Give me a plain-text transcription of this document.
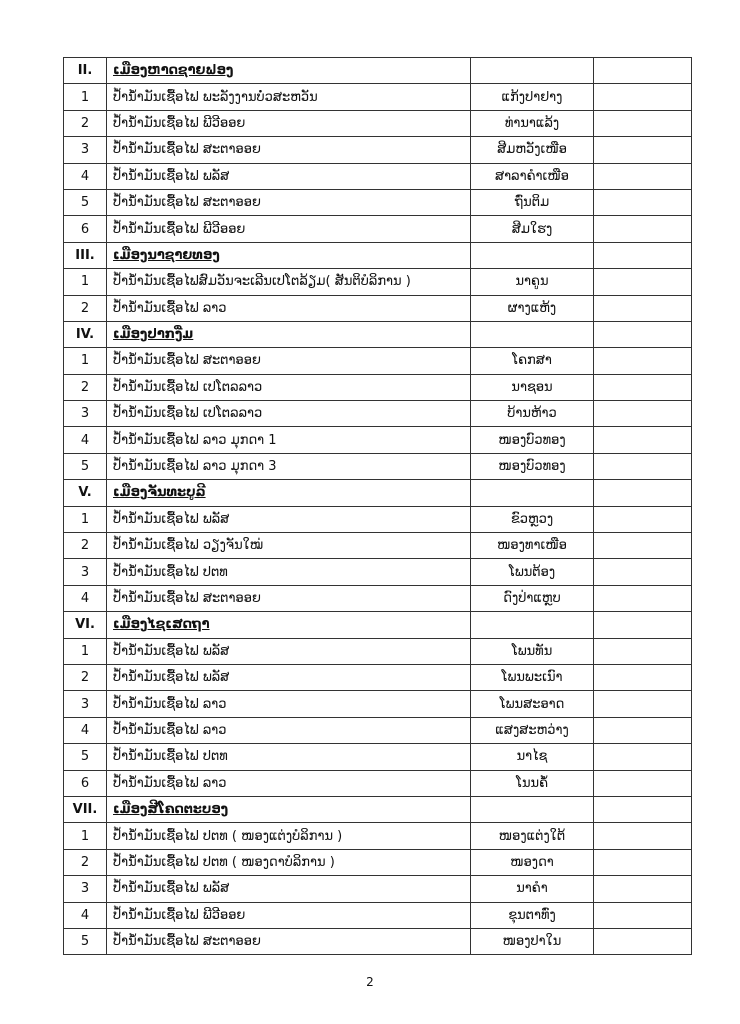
II.	ເມືອງຫາດຊາຍຟອງ		
1	ປໍ້ານ້ຳມັນເຊື້ອໄຟ ພະລັງງານບໍ່ວສະຫວັນ	ແກ້ງປາຢາງ	
2	ປໍ້ານ້ຳມັນເຊື້ອໄຟ ພີວີອອຍ	ທ່ານາແລ້ງ	
3	ປໍ້ານ້ຳມັນເຊື້ອໄຟ ສະຕາອອຍ	ສີມຫວັງເໜືອ	
4	ປໍ້ານ້ຳມັນເຊື້ອໄຟ ພລັສ	ສາລາຄຳເໜືອ	
5	ປໍ້ານ້ຳມັນເຊື້ອໄຟ ສະຕາອອຍ	ຖົ່ນຕິມ	
6	ປໍ້ານ້ຳມັນເຊື້ອໄຟ ພີວີອອຍ	ສີມໃຮງ	
III.	ເມືອງນາຊາຍທອງ		
1	ປໍ້ານ້ຳມັນເຊື້ອໄຟສົມວັນຈະເລີນເປໂຕລ້ຽມ( ສັນຕິບໍລິການ )	ນາຄູນ	
2	ປໍ້ານ້ຳມັນເຊື້ອໄຟ ລາວ	ຜາງແຫ້ງ	
IV.	ເມືອງປາກງື່ມ		
1	ປໍ້ານ້ຳມັນເຊື້ອໄຟ ສະຕາອອຍ	ໂຄກສາ	
2	ປໍ້ານ້ຳມັນເຊື້ອໄຟ ເປໂຕລລາວ	ນາຊອນ	
3	ປໍ້ານ້ຳມັນເຊື້ອໄຟ ເປໂຕລລາວ	ບ້ານຫ້າວ	
4	ປໍ້ານ້ຳມັນເຊື້ອໄຟ ລາວ ມຸກດາ 1	ໜອງບົວທອງ	
5	ປໍ້ານ້ຳມັນເຊື້ອໄຟ ລາວ ມຸກດາ 3	ໜອງບົວທອງ	
V.	ເມືອງຈັນທະບູລີ		
1	ປໍ້ານ້ຳມັນເຊື້ອໄຟ ພລັສ	ຂົວຫຼວງ	
2	ປໍ້ານ້ຳມັນເຊື້ອໄຟ ວຽງຈັນໃໝ່	ໜອງທາເໜືອ	
3	ປໍ້ານ້ຳມັນເຊື້ອໄຟ ປຕທ	ໂພນຕ້ອງ	
4	ປໍ້ານ້ຳມັນເຊື້ອໄຟ ສະຕາອອຍ	ດົງປ່າແຫຼບ	
VI.	ເມືອງໄຊເສດຖາ		
1	ປໍ້ານ້ຳມັນເຊື້ອໄຟ ພລັສ	ໂພນທັນ	
2	ປໍ້ານ້ຳມັນເຊື້ອໄຟ ພລັສ	ໂພນພະເນົາ	
3	ປໍ້ານ້ຳມັນເຊື້ອໄຟ ລາວ	ໂພນສະອາດ	
4	ປໍ້ານ້ຳມັນເຊື້ອໄຟ ລາວ	ແສງສະຫວ່າງ	
5	ປໍ້ານ້ຳມັນເຊື້ອໄຟ ປຕທ	ນາໄຊ	
6	ປໍ້ານ້ຳມັນເຊື້ອໄຟ ລາວ	ໂນນຄໍ້	
VII.	ເມືອງສີໂຄດຕະບອງ		
1	ປໍ້ານ້ຳມັນເຊື້ອໄຟ ປຕທ ( ໜອງແຕ່ງບໍລິການ )	ໜອງແຕ່ງໃຕ້	
2	ປໍ້ານ້ຳມັນເຊື້ອໄຟ ປຕທ ( ໜອງດາບໍລິການ )	ໜອງດາ	
3	ປໍ້ານ້ຳມັນເຊື້ອໄຟ ພລັສ	ນາຄຳ	
4	ປໍ້ານ້ຳມັນເຊື້ອໄຟ ພີວີອອຍ	ຂຸນຕາທົ່ງ	
5	ປໍ້ານ້ຳມັນເຊື້ອໄຟ ສະຕາອອຍ	ໜອງປາໃນ	
2
